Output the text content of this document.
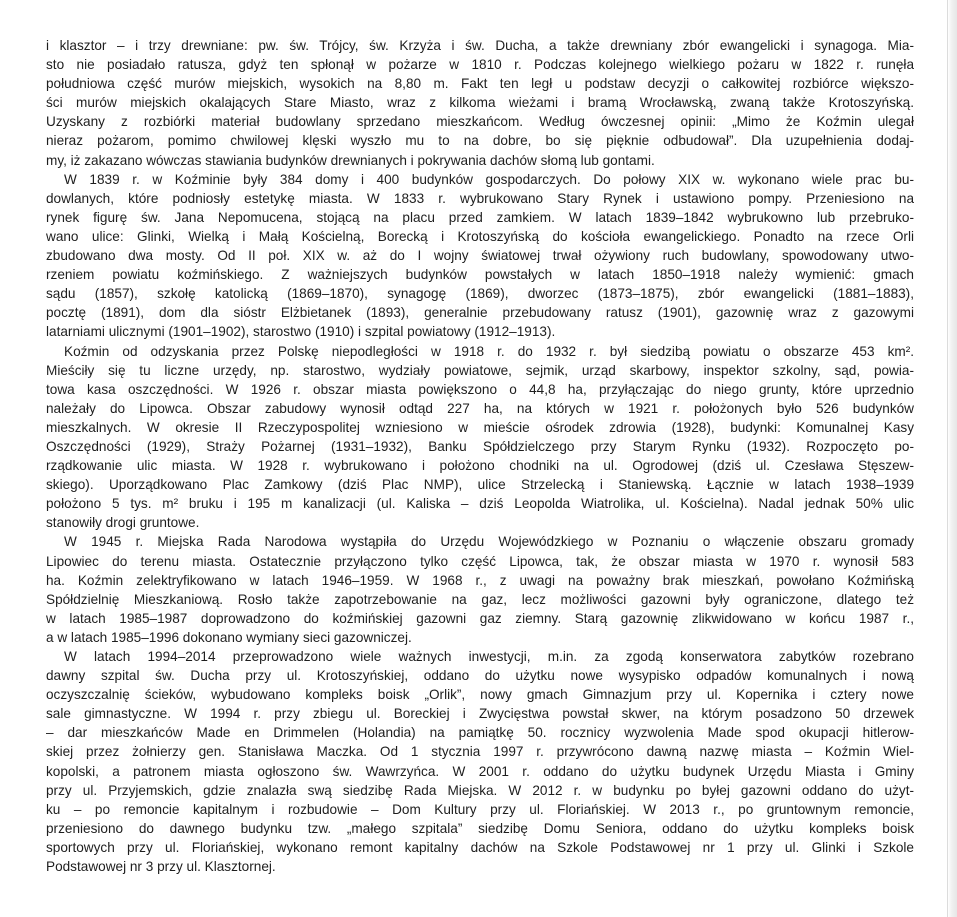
i klasztor – i trzy drewniane: pw. św. Trójcy, św. Krzyża i św. Ducha, a także drewniany zbór ewangelicki i synagoga. Mia-
sto nie posiadało ratusza, gdyż ten spłonął w pożarze w 1810 r. Podczas kolejnego wielkiego pożaru w 1822 r. runęła
południowa część murów miejskich, wysokich na 8,80 m. Fakt ten legł u podstaw decyzji o całkowitej rozbiórce większo-
ści murów miejskich okalających Stare Miasto, wraz z kilkoma wieżami i bramą Wrocławską, zwaną także Krotoszyńską.
Uzyskany z rozbiórki materiał budowlany sprzedano mieszkańcom. Według ówczesnej opinii: „Mimo że Koźmin ulegał
nieraz pożarom, pomimo chwilowej klęski wyszło mu to na dobre, bo się pięknie odbudował”. Dla uzupełnienia dodaj-
my, iż zakazano wówczas stawiania budynków drewnianych i pokrywania dachów słomą lub gontami.
W 1839 r. w Koźminie były 384 domy i 400 budynków gospodarczych. Do połowy XIX w. wykonano wiele prac bu-
dowlanych, które podniosły estetykę miasta. W 1833 r. wybrukowano Stary Rynek i ustawiono pompy. Przeniesiono na
rynek figurę św. Jana Nepomucena, stojącą na placu przed zamkiem. W latach 1839–1842 wybrukowno lub przebruko-
wano ulice: Glinki, Wielką i Małą Kościelną, Borecką i Krotoszyńską do kościoła ewangelickiego. Ponadto na rzece Orli
zbudowano dwa mosty. Od II poł. XIX w. aż do I wojny światowej trwał ożywiony ruch budowlany, spowodowany utwo-
rzeniem powiatu koźmińskiego. Z ważniejszych budynków powstałych w latach 1850–1918 należy wymienić: gmach
sądu (1857), szkołę katolicką (1869–1870), synagogę (1869), dworzec (1873–1875), zbór ewangelicki (1881–1883),
pocztę (1891), dom dla sióstr Elżbietanek (1893), generalnie przebudowany ratusz (1901), gazownię wraz z gazowymi
latarniami ulicznymi (1901–1902), starostwo (1910) i szpital powiatowy (1912–1913).
Koźmin od odzyskania przez Polskę niepodległości w 1918 r. do 1932 r. był siedzibą powiatu o obszarze 453 km².
Mieściły się tu liczne urzędy, np. starostwo, wydziały powiatowe, sejmik, urząd skarbowy, inspektor szkolny, sąd, powia-
towa kasa oszczędności. W 1926 r. obszar miasta powiększono o 44,8 ha, przyłączając do niego grunty, które uprzednio
należały do Lipowca. Obszar zabudowy wynosił odtąd 227 ha, na których w 1921 r. położonych było 526 budynków
mieszkalnych. W okresie II Rzeczypospolitej wzniesiono w mieście ośrodek zdrowia (1928), budynki: Komunalnej Kasy
Oszczędności (1929), Straży Pożarnej (1931–1932), Banku Spółdzielczego przy Starym Rynku (1932). Rozpoczęto po-
rządkowanie ulic miasta. W 1928 r. wybrukowano i położono chodniki na ul. Ogrodowej (dziś ul. Czesława Stęszew-
skiego). Uporządkowano Plac Zamkowy (dziś Plac NMP), ulice Strzelecką i Staniewską. Łącznie w latach 1938–1939
położono 5 tys. m² bruku i 195 m kanalizacji (ul. Kaliska – dziś Leopolda Wiatrolika, ul. Kościelna). Nadal jednak 50% ulic
stanowiły drogi gruntowe.
W 1945 r. Miejska Rada Narodowa wystąpiła do Urzędu Wojewódzkiego w Poznaniu o włączenie obszaru gromady
Lipowiec do terenu miasta. Ostatecznie przyłączono tylko część Lipowca, tak, że obszar miasta w 1970 r. wynosił 583
ha. Koźmin zelektryfikowano w latach 1946–1959. W 1968 r., z uwagi na poważny brak mieszkań, powołano Koźmińską
Spółdzielnię Mieszkaniową. Rosło także zapotrzebowanie na gaz, lecz możliwości gazowni były ograniczone, dlatego też
w latach 1985–1987 doprowadzono do koźmińskiej gazowni gaz ziemny. Starą gazownię zlikwidowano w końcu 1987 r.,
a w latach 1985–1996 dokonano wymiany sieci gazowniczej.
W latach 1994–2014 przeprowadzono wiele ważnych inwestycji, m.in. za zgodą konserwatora zabytków rozebrano
dawny szpital św. Ducha przy ul. Krotoszyńskiej, oddano do użytku nowe wysypisko odpadów komunalnych i nową
oczyszczalnię ścieków, wybudowano kompleks boisk „Orlik”, nowy gmach Gimnazjum przy ul. Kopernika i cztery nowe
sale gimnastyczne. W 1994 r. przy zbiegu ul. Boreckiej i Zwycięstwa powstał skwer, na którym posadzono 50 drzewek
– dar mieszkańców Made en Drimmelen (Holandia) na pamiątkę 50. rocznicy wyzwolenia Made spod okupacji hitlerow-
skiej przez żołnierzy gen. Stanisława Maczka. Od 1 stycznia 1997 r. przywrócono dawną nazwę miasta – Koźmin Wiel-
kopolski, a patronem miasta ogłoszono św. Wawrzyńca. W 2001 r. oddano do użytku budynek Urzędu Miasta i Gminy
przy ul. Przyjemskich, gdzie znalazła swą siedzibę Rada Miejska. W 2012 r. w budynku po byłej gazowni oddano do użyt-
ku – po remoncie kapitalnym i rozbudowie – Dom Kultury przy ul. Floriańskiej. W 2013 r., po gruntownym remoncie,
przeniesiono do dawnego budynku tzw. „małego szpitala” siedzibę Domu Seniora, oddano do użytku kompleks boisk
sportowych przy ul. Floriańskiej, wykonano remont kapitalny dachów na Szkole Podstawowej nr 1 przy ul. Glinki i Szkole
Podstawowej nr 3 przy ul. Klasztornej.
